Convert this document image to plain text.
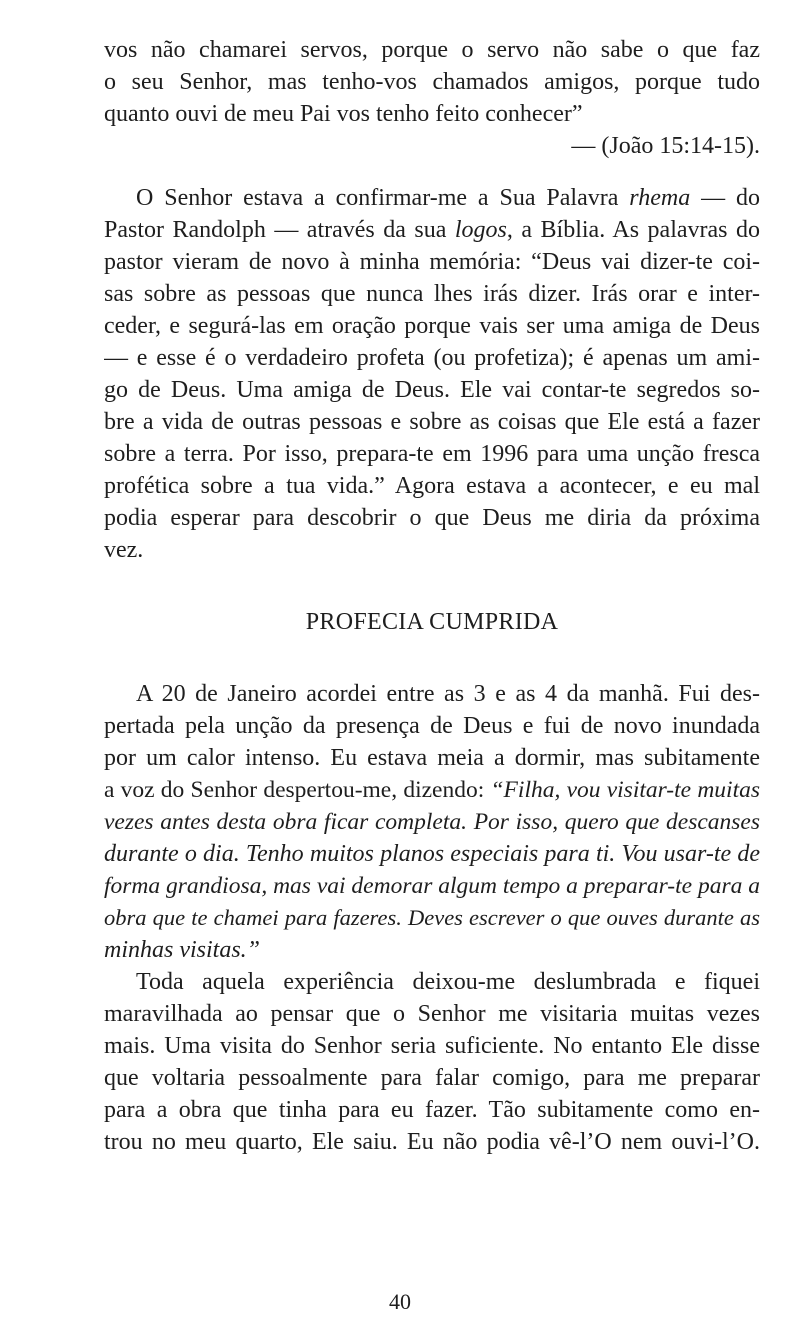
vos não chamarei servos, porque o servo não sabe o que faz
o seu Senhor, mas tenho-vos chamados amigos, porque tudo
quanto ouvi de meu Pai vos tenho feito conhecer”
— (João 15:14-15).
O Senhor estava a confirmar-me a Sua Palavra rhema — do
Pastor Randolph — através da sua logos, a Bíblia. As palavras do
pastor vieram de novo à minha memória: “Deus vai dizer-te coi-
sas sobre as pessoas que nunca lhes irás dizer. Irás orar e inter-
ceder, e segurá-las em oração porque vais ser uma amiga de Deus
— e esse é o verdadeiro profeta (ou profetiza); é apenas um ami-
go de Deus. Uma amiga de Deus. Ele vai contar-te segredos so-
bre a vida de outras pessoas e sobre as coisas que Ele está a fazer
sobre a terra. Por isso, prepara-te em 1996 para uma unção fresca
profética sobre a tua vida.” Agora estava a acontecer, e eu mal
podia esperar para descobrir o que Deus me diria da próxima
vez.
PROFECIA CUMPRIDA
A 20 de Janeiro acordei entre as 3 e as 4 da manhã. Fui des-
pertada pela unção da presença de Deus e fui de novo inundada
por um calor intenso. Eu estava meia a dormir, mas subitamente
a voz do Senhor despertou-me, dizendo: “Filha, vou visitar-te muitas
vezes antes desta obra ficar completa. Por isso, quero que descanses
durante o dia. Tenho muitos planos especiais para ti. Vou usar-te de
forma grandiosa, mas vai demorar algum tempo a preparar-te para a
obra que te chamei para fazeres. Deves escrever o que ouves durante as
minhas visitas.”
Toda aquela experiência deixou-me deslumbrada e fiquei
maravilhada ao pensar que o Senhor me visitaria muitas vezes
mais. Uma visita do Senhor seria suficiente. No entanto Ele disse
que voltaria pessoalmente para falar comigo, para me preparar
para a obra que tinha para eu fazer. Tão subitamente como en-
trou no meu quarto, Ele saiu. Eu não podia vê-l’O nem ouvi-l’O.
40
